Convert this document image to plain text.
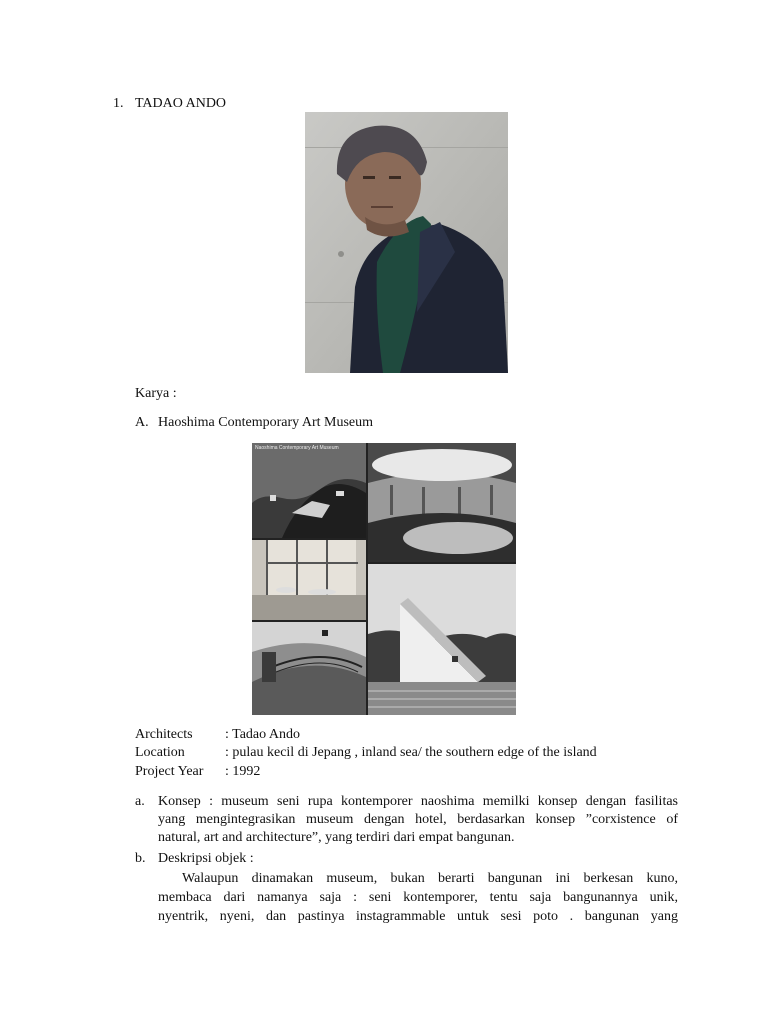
1. TADAO ANDO
Karya :
A. Haoshima Contemporary Art Museum
Naoshima Contemporary Art Museum
Architects : Tadao Ando
Location	: pulau kecil di Jepang , inland sea/ the southern edge of the island
Project Year : 1992
a. Konsep : museum seni rupa kontemporer naoshima memilki konsep dengan fasilitas
yang mengintegrasikan museum dengan hotel, berdasarkan konsep ”corxistence of
natural, art and architecture”, yang terdiri dari empat bangunan.
b. Deskripsi objek :
Walaupun dinamakan museum, bukan berarti bangunan ini berkesan kuno,
membaca dari namanya saja : seni kontemporer, tentu saja bangunannya unik,
nyentrik, nyeni, dan pastinya instagrammable untuk sesi poto . bangunan yang
